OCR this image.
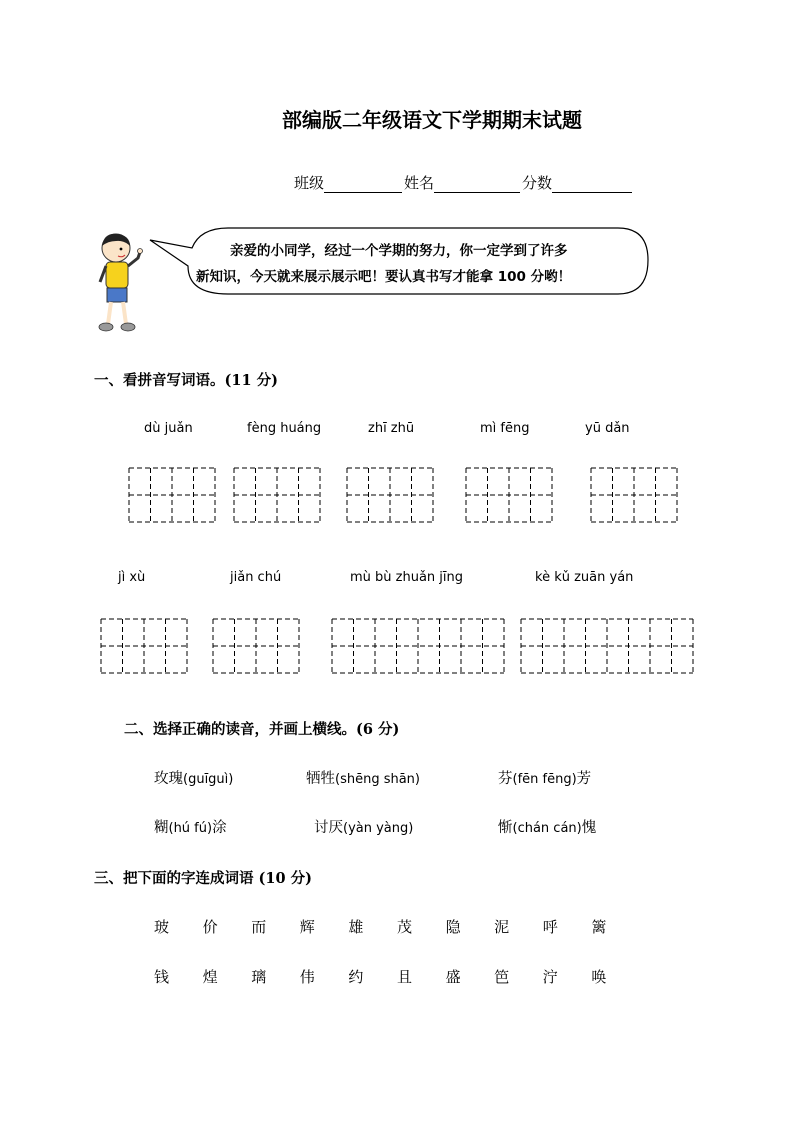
部编版二年级语文下学期期末试题
班级	姓名	分数
亲爱的小同学，经过一个学期的努力，你一定学到了许多
新知识，今天就来展示展示吧！要认真书写才能拿 100 分哟！
一、看拼音写词语。(11 分)
dù juǎn	fèng huáng	zhī zhū	mì fēng	yū dǎn
jì xù	jiǎn chú	mù bù zhuǎn jīng	kè kǔ zuān yán
二、选择正确的读音，并画上横线。(6 分)
玫瑰(guīguì)	牺牲(shēng shān)	芬(fēn fēng)芳
糊(hú fú)涂	讨厌(yàn yàng)	惭(chán cán)愧
三、把下面的字连成词语 (10 分)
玻	价	而	辉	雄	茂	隐	泥	呼	篱
钱	煌	璃	伟	约	且	盛	笆	泞	唤
